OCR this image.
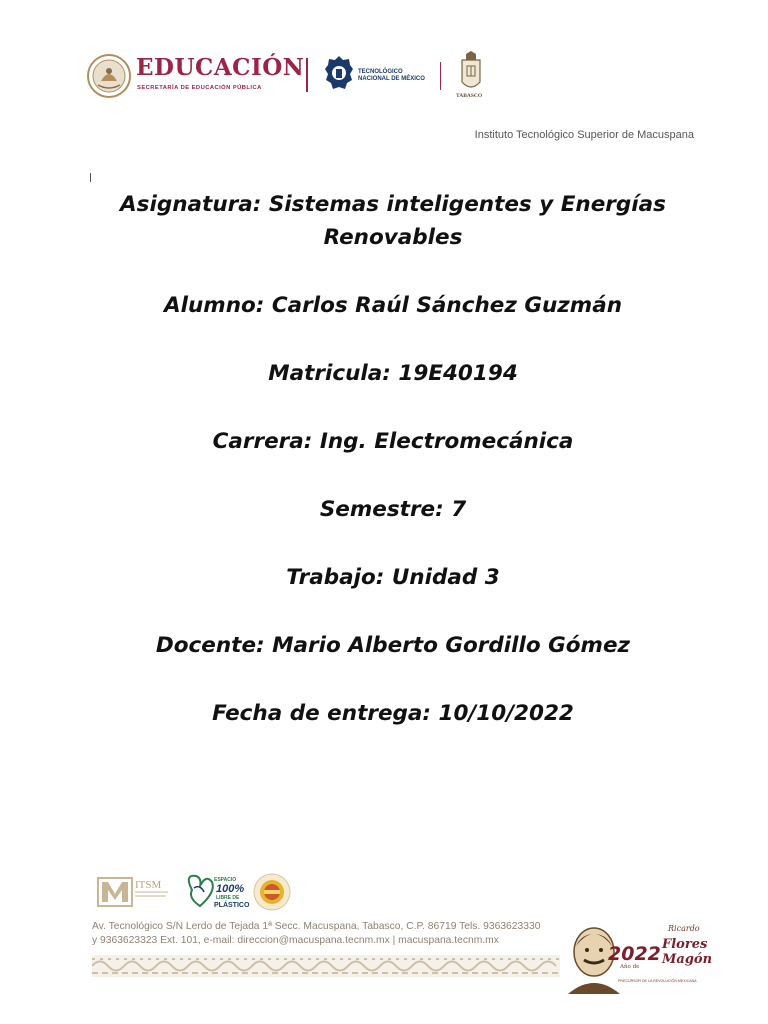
EDUCACIÓN
SECRETARÍA DE EDUCACIÓN PÚBLICA
TECNOLÓGICO
NACIONAL DE MÉXICO
TABASCO
Instituto Tecnológico Superior de Macuspana

Asignatura: Sistemas inteligentes y Energías

Renovables

Alumno: Carlos Raúl Sánchez Guzmán

Matricula: 19E40194

Carrera: Ing. Electromecánica

Semestre: 7

Trabajo: Unidad 3

Docente: Mario Alberto Gordillo Gómez

Fecha de entrega: 10/10/2022

ITSM	ESPACIO
100%
LIBRE DE
PLÁSTICO
Av. Tecnológico S/N Lerdo de Tejada 1ª Secc. Macuspana, Tabasco, C.P. 86719 Tels. 9363623330
y 9363623323 Ext. 101, e-mail: direccion@macuspana.tecnm.mx | macuspana.tecnm.mx
Ricardo
2022
Año de
Flores
Magón
PRECURSOR DE LA REVOLUCIÓN MEXICANA
